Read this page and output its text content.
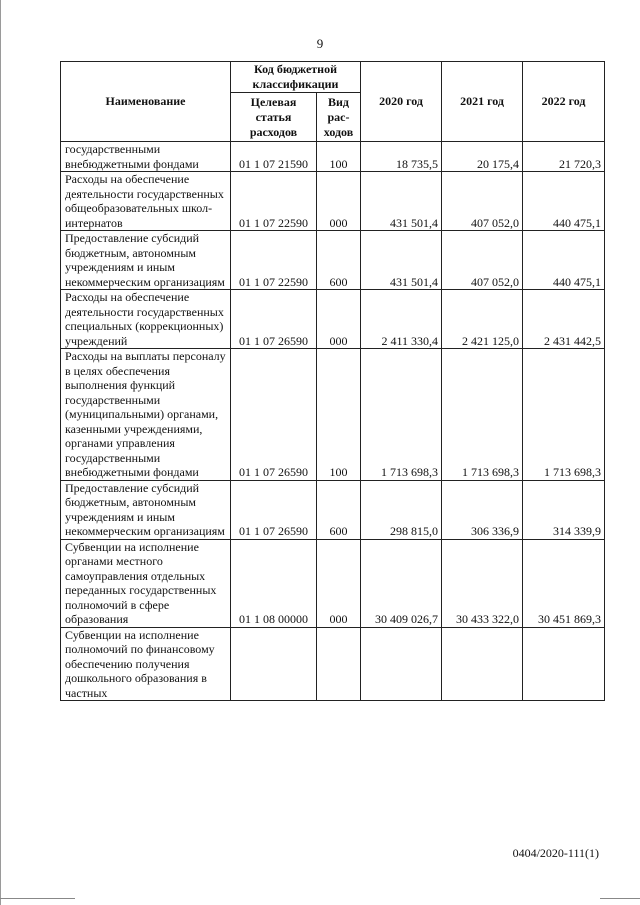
9
Наименование	Код бюджетной классификации		2020 год	2021 год	2022 год
	Целевая статья расходов	Вид рас-ходов			
государственными внебюджетными фондами	01 1 07 21590	100	18 735,5	20 175,4	21 720,3
Расходы на обеспечение деятельности государственных общеобразовательных школ-интернатов	01 1 07 22590	000	431 501,4	407 052,0	440 475,1
Предоставление субсидий бюджетным, автономным учреждениям и иным некоммерческим организациям	01 1 07 22590	600	431 501,4	407 052,0	440 475,1
Расходы на обеспечение деятельности государственных специальных (коррекционных) учреждений	01 1 07 26590	000	2 411 330,4	2 421 125,0	2 431 442,5
Расходы на выплаты персоналу в целях обеспечения выполнения функций государственными (муниципальными) органами, казенными учреждениями, органами управления государственными внебюджетными фондами	01 1 07 26590	100	1 713 698,3	1 713 698,3	1 713 698,3
Предоставление субсидий бюджетным, автономным учреждениям и иным некоммерческим организациям	01 1 07 26590	600	298 815,0	306 336,9	314 339,9
Субвенции на исполнение органами местного самоуправления отдельных переданных государственных полномочий в сфере образования	01 1 08 00000	000	30 409 026,7	30 433 322,0	30 451 869,3
Субвенции на исполнение полномочий по финансовому обеспечению получения дошкольного образования в частных					
0404/2020-111(1)
